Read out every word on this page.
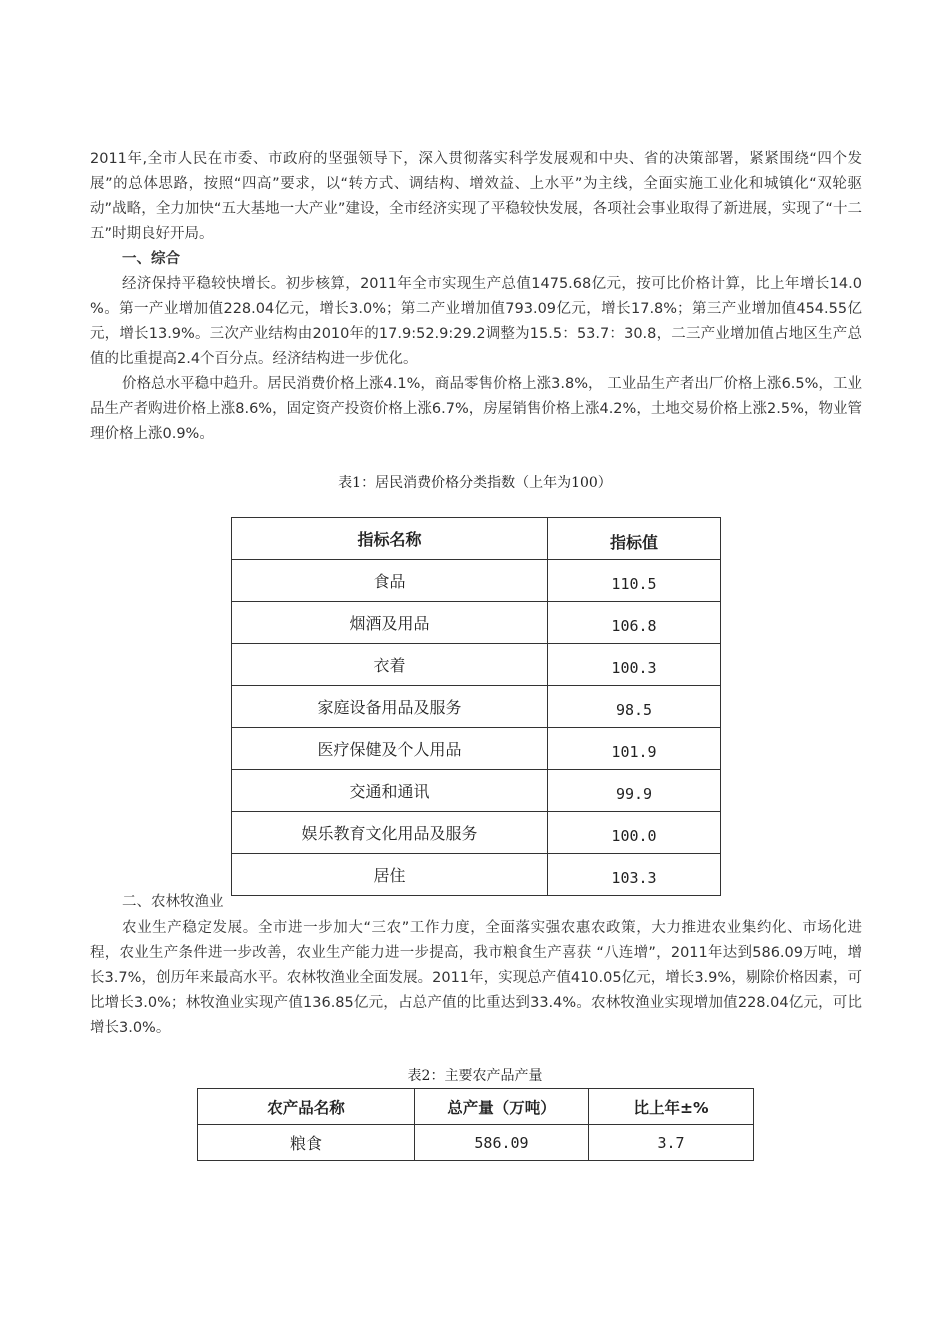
2011年,全市人民在市委、市政府的坚强领导下，深入贯彻落实科学发展观和中央、省的决策部署，紧紧围绕“四个发展”的总体思路，按照“四高”要求，以“转方式、调结构、增效益、上水平”为主线，全面实施工业化和城镇化“双轮驱动”战略，全力加快“五大基地一大产业”建设，全市经济实现了平稳较快发展，各项社会事业取得了新进展，实现了“十二五”时期良好开局。
一、综合
经济保持平稳较快增长。初步核算，2011年全市实现生产总值1475.68亿元，按可比价格计算，比上年增长14.0 %。第一产业增加值228.04亿元，增长3.0%；第二产业增加值793.09亿元，增长17.8%；第三产业增加值454.55亿元，增长13.9%。三次产业结构由2010年的17.9:52.9:29.2调整为15.5：53.7：30.8，二三产业增加值占地区生产总值的比重提高2.4个百分点。经济结构进一步优化。
价格总水平稳中趋升。居民消费价格上涨4.1%，商品零售价格上涨3.8%， 工业品生产者出厂价格上涨6.5%，工业品生产者购进价格上涨8.6%，固定资产投资价格上涨6.7%，房屋销售价格上涨4.2%，土地交易价格上涨2.5%，物业管理价格上涨0.9%。
表1：居民消费价格分类指数（上年为100）
指标名称	指标值
食品	110.5
烟酒及用品	106.8
衣着	100.3
家庭设备用品及服务	98.5
医疗保健及个人用品	101.9
交通和通讯	99.9
娱乐教育文化用品及服务	100.0
居住	103.3
二、农林牧渔业
农业生产稳定发展。全市进一步加大“三农”工作力度，全面落实强农惠农政策，大力推进农业集约化、市场化进程，农业生产条件进一步改善，农业生产能力进一步提高，我市粮食生产喜获 “八连增”，2011年达到586.09万吨，增长3.7%，创历年来最高水平。农林牧渔业全面发展。2011年，实现总产值410.05亿元，增长3.9%，剔除价格因素，可比增长3.0%；林牧渔业实现产值136.85亿元，占总产值的比重达到33.4%。农林牧渔业实现增加值228.04亿元，可比增长3.0%。
表2：主要农产品产量
农产品名称	总产量（万吨）	比上年±%
粮食	586.09	3.7
